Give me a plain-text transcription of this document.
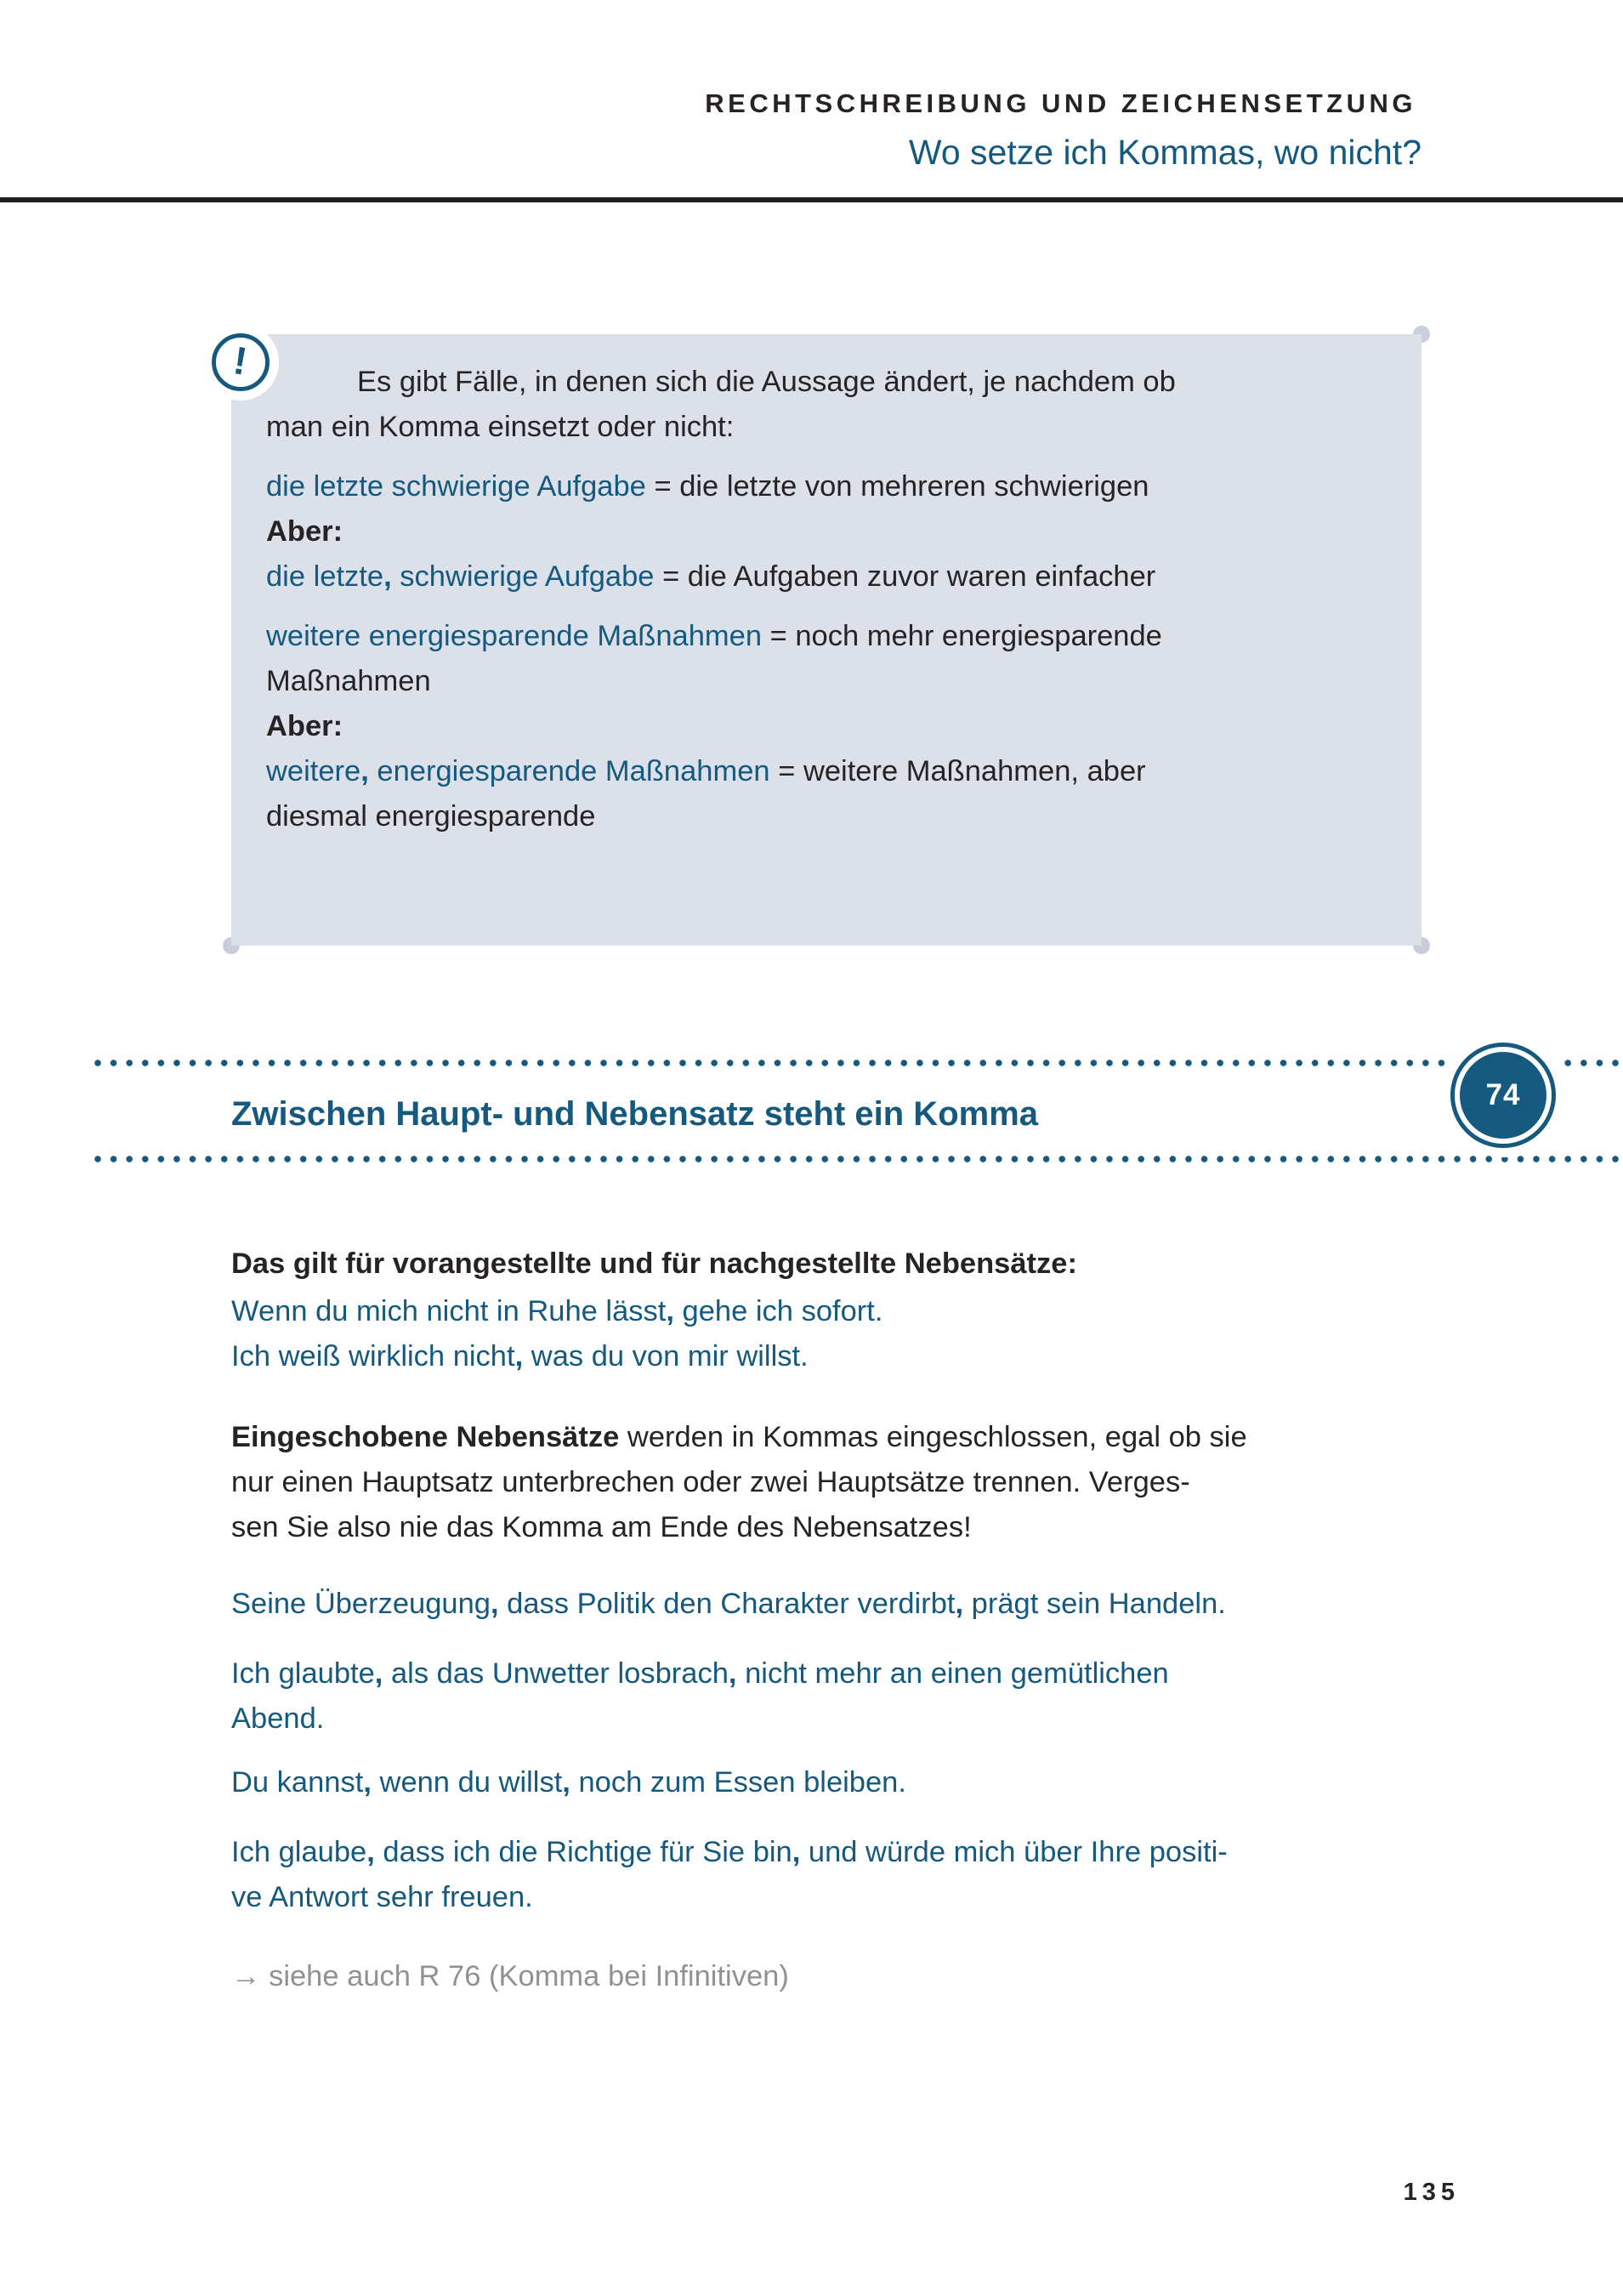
RECHTSCHREIBUNG UND ZEICHENSETZUNG
Wo setze ich Kommas, wo nicht?
!	Es gibt Fälle, in denen sich die Aussage ändert, je nachdem ob
man ein Komma einsetzt oder nicht:
die letzte schwierige Aufgabe = die letzte von mehreren schwierigen
Aber:
die letzte, schwierige Aufgabe = die Aufgaben zuvor waren einfacher
weitere energiesparende Maßnahmen = noch mehr energiesparende
Maßnahmen
Aber:
weitere, energiesparende Maßnahmen = weitere Maßnahmen, aber
diesmal energiesparende
Zwischen Haupt- und Nebensatz steht ein Komma
74
Das gilt für vorangestellte und für nachgestellte Nebensätze:
Wenn du mich nicht in Ruhe lässt, gehe ich sofort.
Ich weiß wirklich nicht, was du von mir willst.
Eingeschobene Nebensätze werden in Kommas eingeschlossen, egal ob sie
nur einen Hauptsatz unterbrechen oder zwei Hauptsätze trennen. Verges-
sen Sie also nie das Komma am Ende des Nebensatzes!
Seine Überzeugung, dass Politik den Charakter verdirbt, prägt sein Handeln.
Ich glaubte, als das Unwetter losbrach, nicht mehr an einen gemütlichen
Abend.
Du kannst, wenn du willst, noch zum Essen bleiben.
Ich glaube, dass ich die Richtige für Sie bin, und würde mich über Ihre positi-
ve Antwort sehr freuen.
→ siehe auch R 76 (Komma bei Infinitiven)
135
